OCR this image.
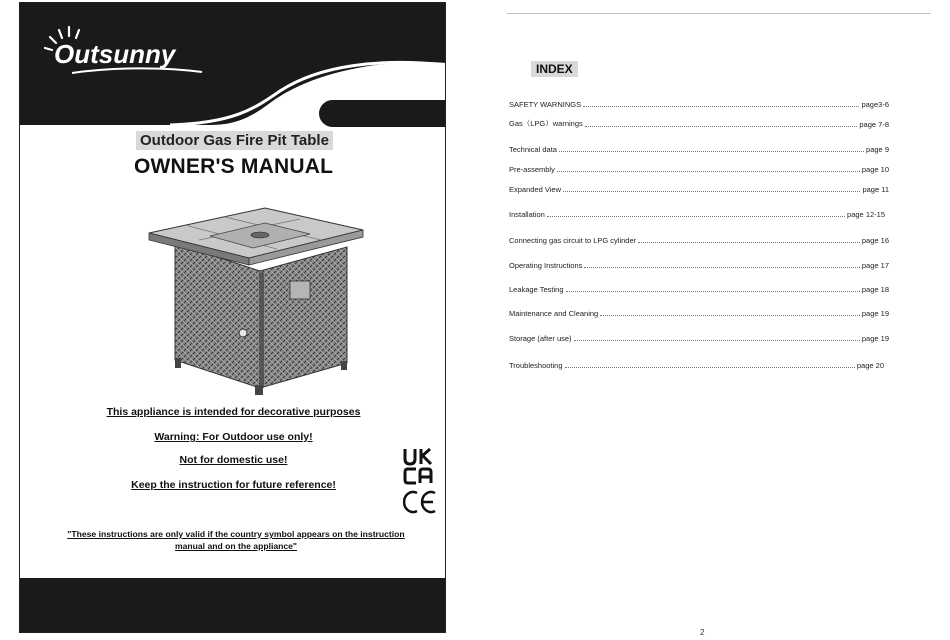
Outsunny
Outdoor Gas Fire Pit Table
OWNER'S MANUAL
This appliance is intended for decorative purposes
Warning: For Outdoor use only!
Not for domestic use!
Keep the instruction for future reference!
"These instructions are only valid if the country symbol appears on the instruction
manual and on the appliance"
INDEX
SAFETY WARNINGS	page3-6
Gas（LPG）warnings	page 7-8
Technical data	page 9
Pre-assembly	page 10
Expanded View	page 11
Installation	page 12-15
Connecting gas circuit to LPG cylinder	page 16
Operating Instructions	page 17
Leakage Testing	page 18
Maintenance and Cleaning	page 19
Storage (after use)	page 19
Troubleshooting	page 20
2
